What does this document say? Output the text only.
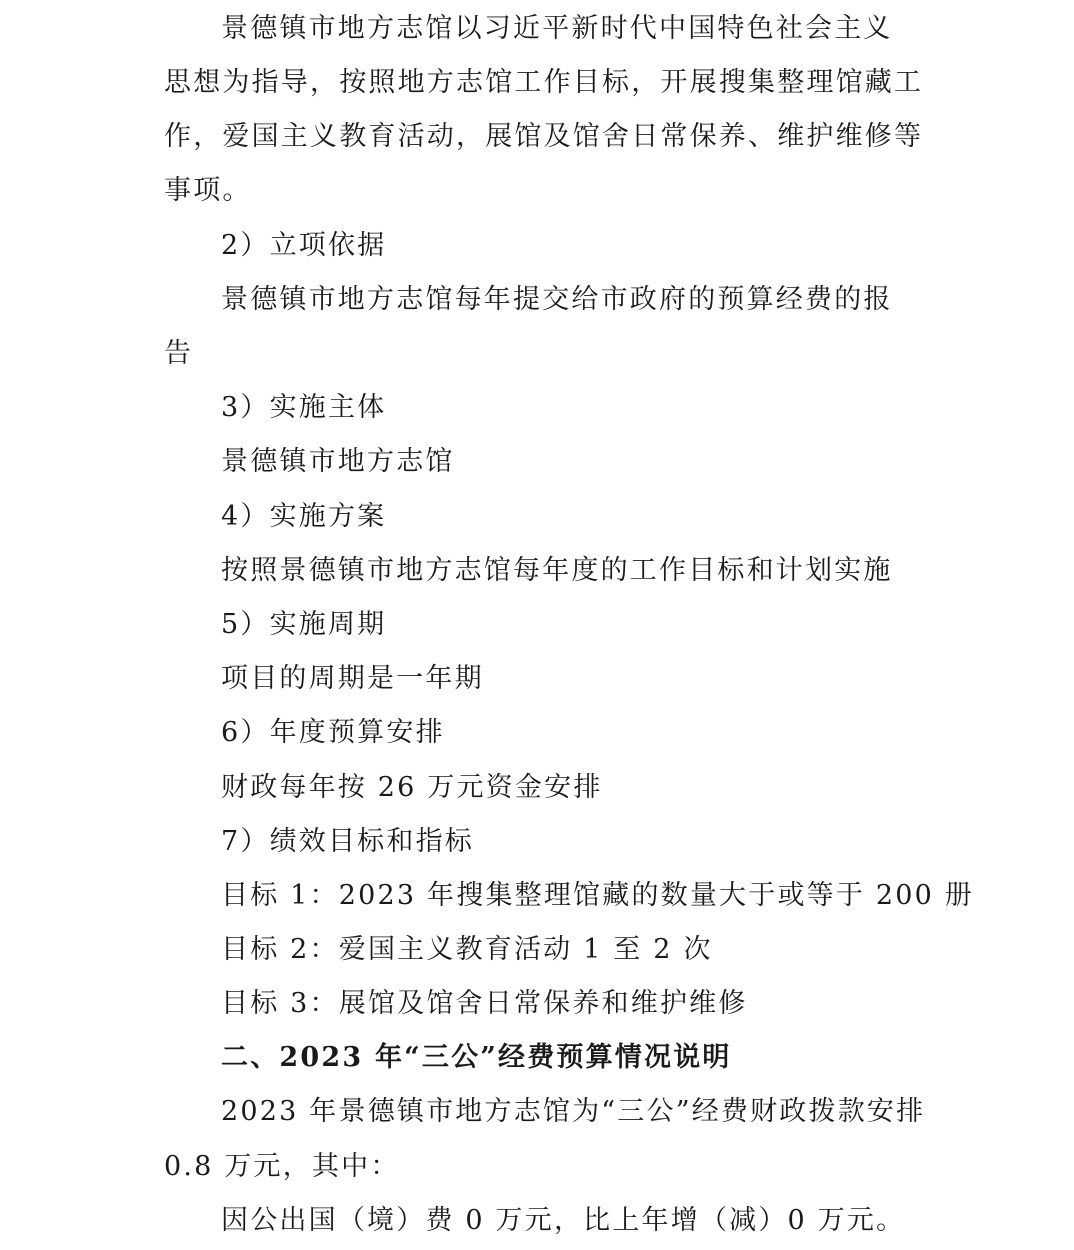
景德镇市地方志馆以习近平新时代中国特色社会主义
思想为指导，按照地方志馆工作目标，开展搜集整理馆藏工
作，爱国主义教育活动，展馆及馆舍日常保养、维护维修等
事项。
2）立项依据
景德镇市地方志馆每年提交给市政府的预算经费的报
告
3）实施主体
景德镇市地方志馆
4）实施方案
按照景德镇市地方志馆每年度的工作目标和计划实施
5）实施周期
项目的周期是一年期
6）年度预算安排
财政每年按 26 万元资金安排
7）绩效目标和指标
目标 1：2023 年搜集整理馆藏的数量大于或等于 200 册
目标 2：爱国主义教育活动 1 至 2 次
目标 3：展馆及馆舍日常保养和维护维修
二、2023 年“三公”经费预算情况说明
2023 年景德镇市地方志馆为“三公”经费财政拨款安排
0.8 万元，其中：
因公出国（境）费 0 万元，比上年增（减）0 万元。
